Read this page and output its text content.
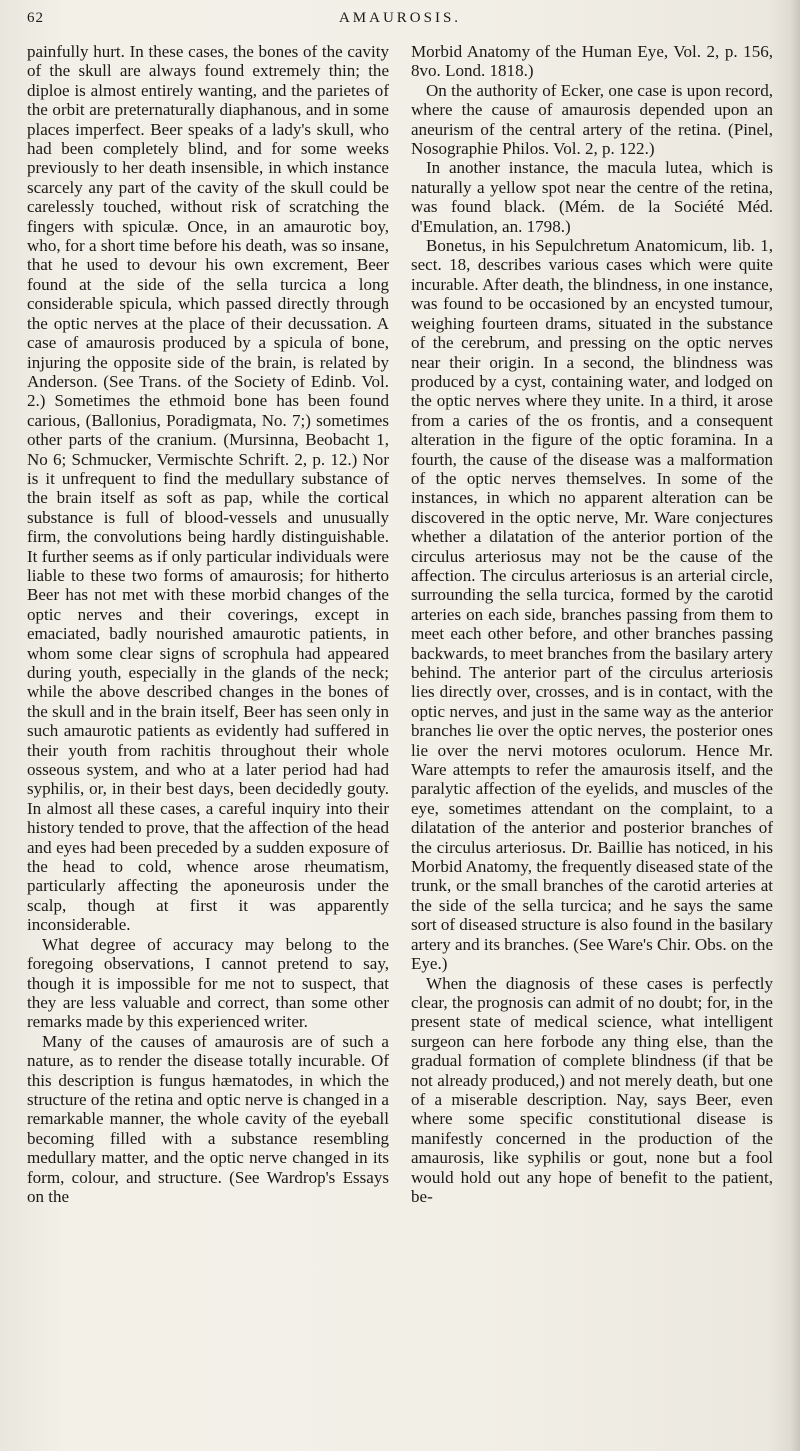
62	AMAUROSIS.

painfully hurt. In these cases, the bones of the cavity of the skull are always found extremely thin; the diploe is almost entirely wanting, and the parietes of the orbit are preternaturally diaphanous, and in some places imperfect. Beer speaks of a lady's skull, who had been completely blind, and for some weeks previously to her death insensible, in which instance scarcely any part of the cavity of the skull could be carelessly touched, without risk of scratching the fingers with spiculæ. Once, in an amaurotic boy, who, for a short time before his death, was so insane, that he used to devour his own excrement, Beer found at the side of the sella turcica a long considerable spicula, which passed directly through the optic nerves at the place of their decussation. A case of amaurosis produced by a spicula of bone, injuring the opposite side of the brain, is related by Anderson. (See Trans. of the Society of Edinb. Vol. 2.) Sometimes the ethmoid bone has been found carious, (Ballonius, Poradigmata, No. 7;) sometimes other parts of the cranium. (Mursinna, Beobacht 1, No 6; Schmucker, Vermischte Schrift. 2, p. 12.) Nor is it unfrequent to find the medullary substance of the brain itself as soft as pap, while the cortical substance is full of blood-vessels and unusually firm, the convolutions being hardly distinguishable. It further seems as if only particular individuals were liable to these two forms of amaurosis; for hitherto Beer has not met with these morbid changes of the optic nerves and their coverings, except in emaciated, badly nourished amaurotic patients, in whom some clear signs of scrophula had appeared during youth, especially in the glands of the neck; while the above described changes in the bones of the skull and in the brain itself, Beer has seen only in such amaurotic patients as evidently had suffered in their youth from rachitis throughout their whole osseous system, and who at a later period had had syphilis, or, in their best days, been decidedly gouty. In almost all these cases, a careful inquiry into their history tended to prove, that the affection of the head and eyes had been preceded by a sudden exposure of the head to cold, whence arose rheumatism, particularly affecting the aponeurosis under the scalp, though at first it was apparently inconsiderable.

What degree of accuracy may belong to the foregoing observations, I cannot pretend to say, though it is impossible for me not to suspect, that they are less valuable and correct, than some other remarks made by this experienced writer.

Many of the causes of amaurosis are of such a nature, as to render the disease totally incurable. Of this description is fungus hæmatodes, in which the structure of the retina and optic nerve is changed in a remarkable manner, the whole cavity of the eyeball becoming filled with a substance resembling medullary matter, and the optic nerve changed in its form, colour, and structure. (See Wardrop's Essays on the

Morbid Anatomy of the Human Eye, Vol. 2, p. 156, 8vo. Lond. 1818.)

On the authority of Ecker, one case is upon record, where the cause of amaurosis depended upon an aneurism of the central artery of the retina. (Pinel, Nosographie Philos. Vol. 2, p. 122.)

In another instance, the macula lutea, which is naturally a yellow spot near the centre of the retina, was found black. (Mém. de la Société Méd. d'Emulation, an. 1798.)

Bonetus, in his Sepulchretum Anatomicum, lib. 1, sect. 18, describes various cases which were quite incurable. After death, the blindness, in one instance, was found to be occasioned by an encysted tumour, weighing fourteen drams, situated in the substance of the cerebrum, and pressing on the optic nerves near their origin. In a second, the blindness was produced by a cyst, containing water, and lodged on the optic nerves where they unite. In a third, it arose from a caries of the os frontis, and a consequent alteration in the figure of the optic foramina. In a fourth, the cause of the disease was a malformation of the optic nerves themselves. In some of the instances, in which no apparent alteration can be discovered in the optic nerve, Mr. Ware conjectures whether a dilatation of the anterior portion of the circulus arteriosus may not be the cause of the affection. The circulus arteriosus is an arterial circle, surrounding the sella turcica, formed by the carotid arteries on each side, branches passing from them to meet each other before, and other branches passing backwards, to meet branches from the basilary artery behind. The anterior part of the circulus arteriosis lies directly over, crosses, and is in contact, with the optic nerves, and just in the same way as the anterior branches lie over the optic nerves, the posterior ones lie over the nervi motores oculorum. Hence Mr. Ware attempts to refer the amaurosis itself, and the paralytic affection of the eyelids, and muscles of the eye, sometimes attendant on the complaint, to a dilatation of the anterior and posterior branches of the circulus arteriosus. Dr. Baillie has noticed, in his Morbid Anatomy, the frequently diseased state of the trunk, or the small branches of the carotid arteries at the side of the sella turcica; and he says the same sort of diseased structure is also found in the basilary artery and its branches. (See Ware's Chir. Obs. on the Eye.)

When the diagnosis of these cases is perfectly clear, the prognosis can admit of no doubt; for, in the present state of medical science, what intelligent surgeon can here forbode any thing else, than the gradual formation of complete blindness (if that be not already produced,) and not merely death, but one of a miserable description. Nay, says Beer, even where some specific constitutional disease is manifestly concerned in the production of the amaurosis, like syphilis or gout, none but a fool would hold out any hope of benefit to the patient, be-
